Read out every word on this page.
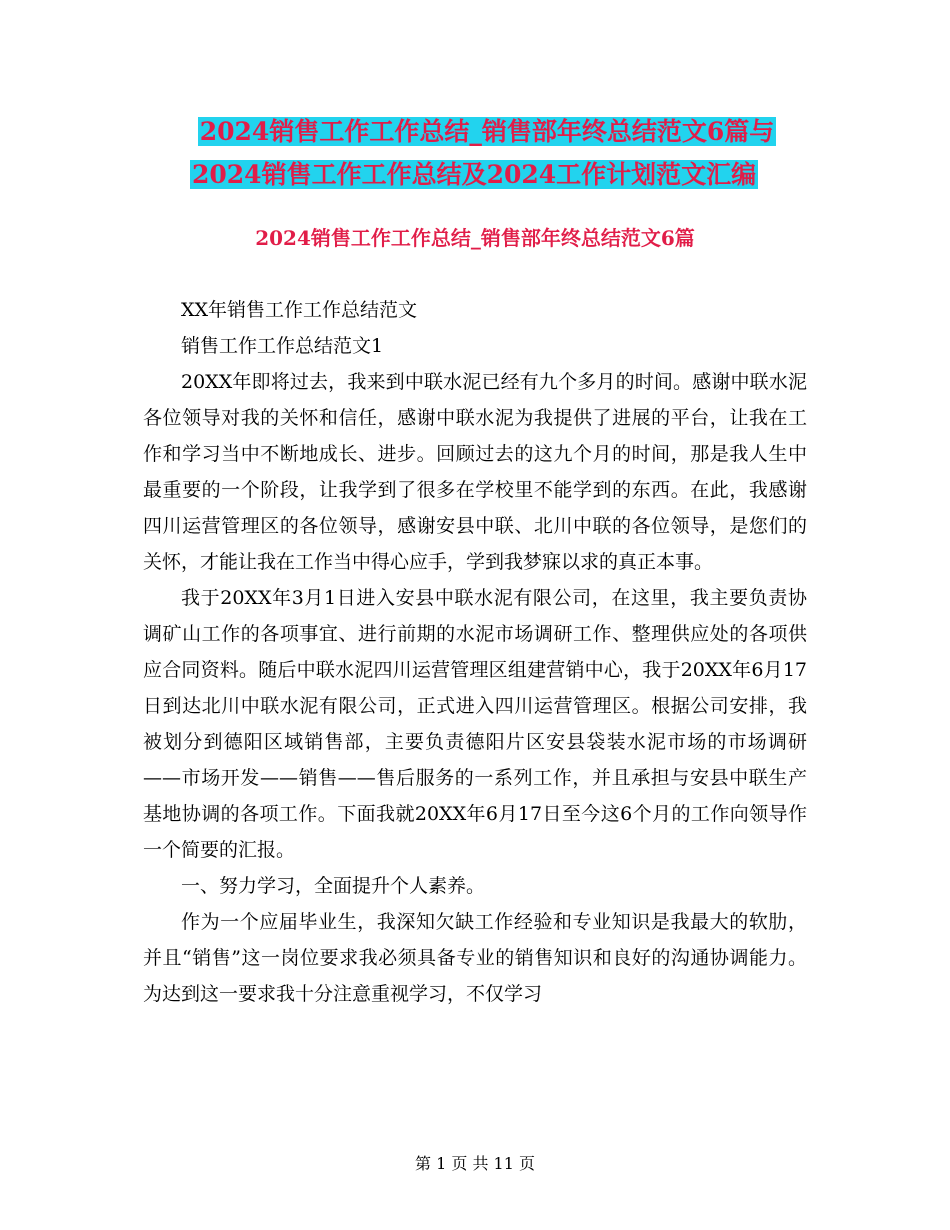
2024销售工作工作总结_销售部年终总结范文6篇与
2024销售工作工作总结及2024工作计划范文汇编
2024销售工作工作总结_销售部年终总结范文6篇

XX年销售工作工作总结范文

销售工作工作总结范文1

20XX年即将过去，我来到中联水泥已经有九个多月的时间。感谢中联水泥各位领导对我的关怀和信任，感谢中联水泥为我提供了进展的平台，让我在工作和学习当中不断地成长、进步。回顾过去的这九个月的时间，那是我人生中最重要的一个阶段，让我学到了很多在学校里不能学到的东西。在此，我感谢四川运营管理区的各位领导，感谢安县中联、北川中联的各位领导，是您们的关怀，才能让我在工作当中得心应手，学到我梦寐以求的真正本事。

我于20XX年3月1日进入安县中联水泥有限公司，在这里，我主要负责协调矿山工作的各项事宜、进行前期的水泥市场调研工作、整理供应处的各项供应合同资料。随后中联水泥四川运营管理区组建营销中心，我于20XX年6月17日到达北川中联水泥有限公司，正式进入四川运营管理区。根据公司安排，我被划分到德阳区域销售部，主要负责德阳片区安县袋装水泥市场的市场调研——市场开发——销售——售后服务的一系列工作，并且承担与安县中联生产基地协调的各项工作。下面我就20XX年6月17日至今这6个月的工作向领导作一个简要的汇报。

一、努力学习，全面提升个人素养。

作为一个应届毕业生，我深知欠缺工作经验和专业知识是我最大的软肋，并且“销售”这一岗位要求我必须具备专业的销售知识和良好的沟通协调能力。为达到这一要求我十分注意重视学习，不仅学习

第 1 页 共 11 页
